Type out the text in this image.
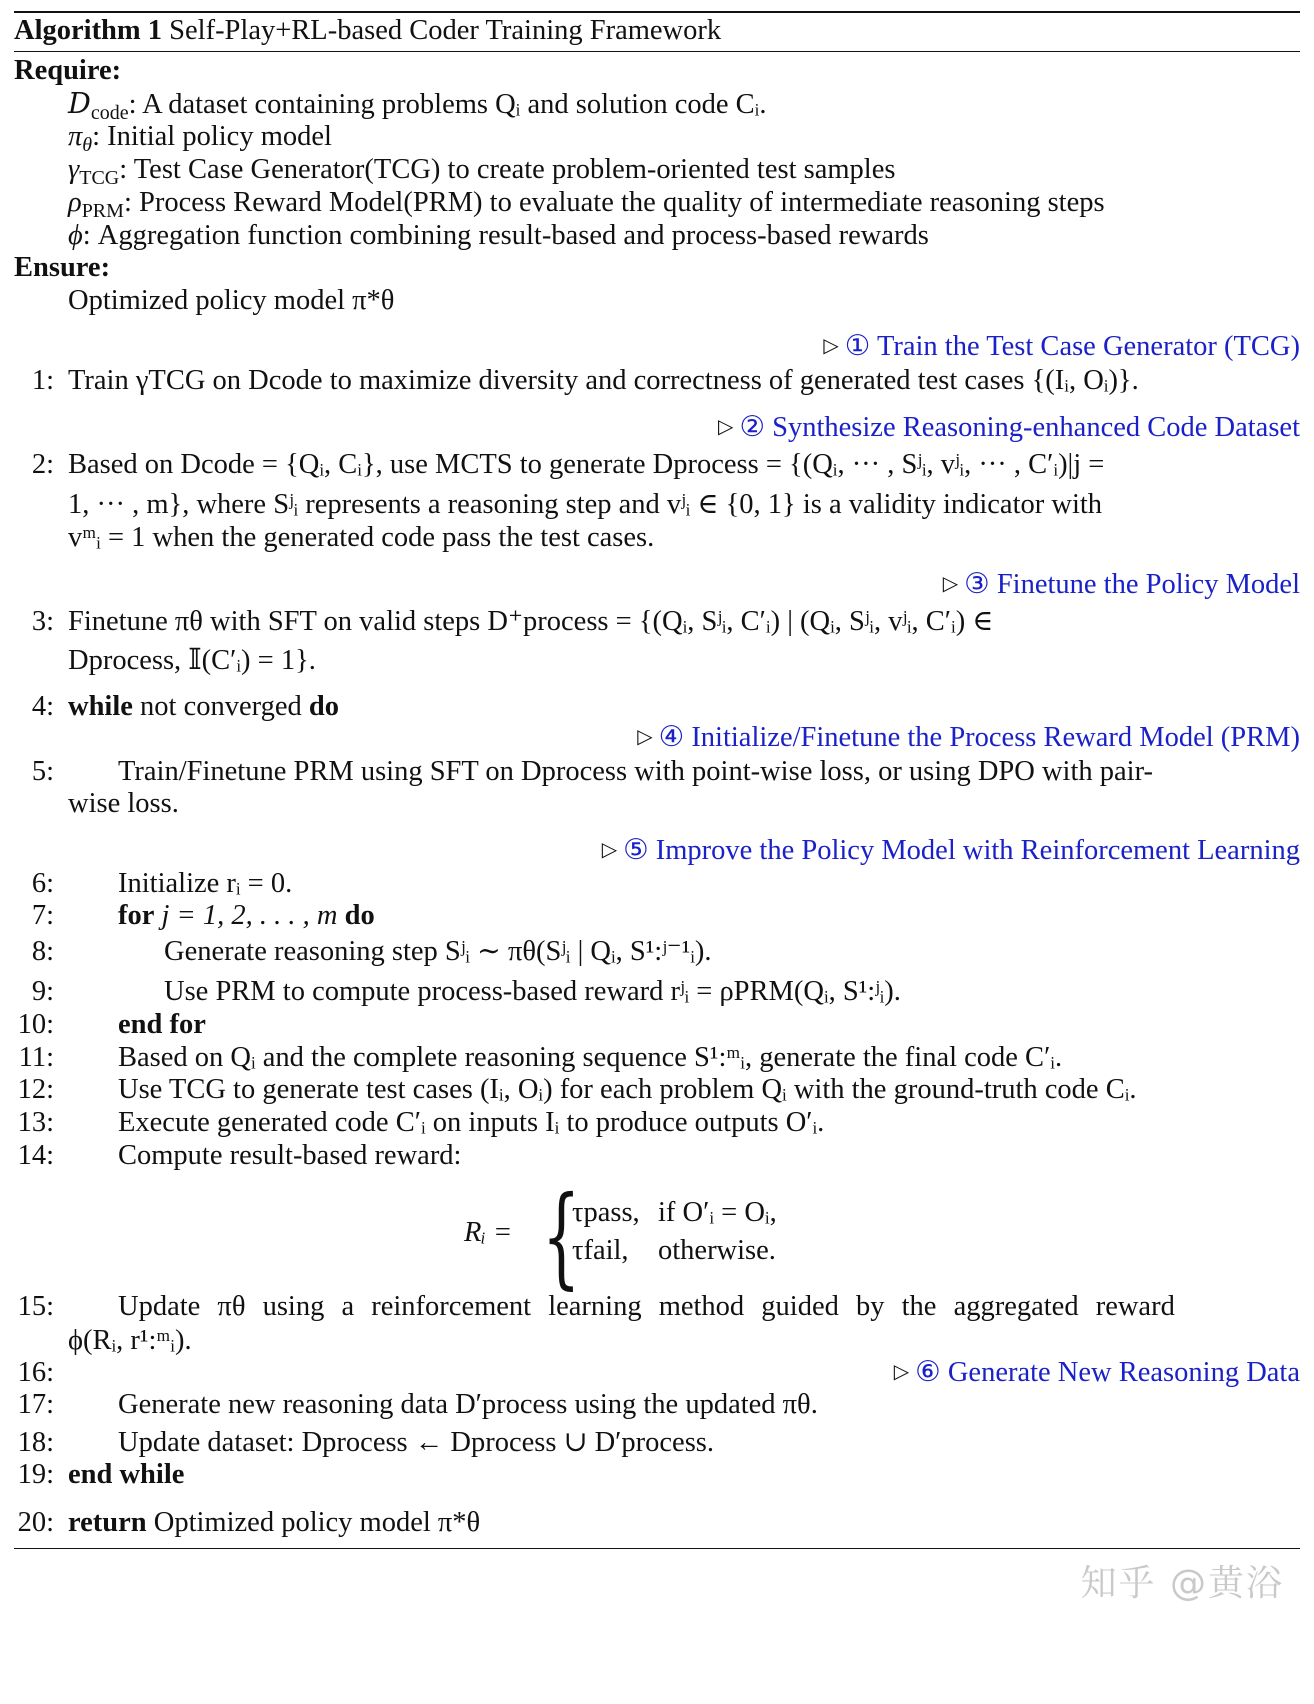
Algorithm 1 Self-Play+RL-based Coder Training Framework
Require:
$D_{code}$: A dataset containing problems Qᵢ and solution code Cᵢ.
$\pi_\theta$: Initial policy model
$\gamma_{TCG}$: Test Case Generator(TCG) to create problem-oriented test samples
$\rho_{PRM}$: Process Reward Model(PRM) to evaluate the quality of intermediate reasoning steps
ϕ: Aggregation function combining result-based and process-based rewards
Ensure:
Optimized policy model π*θ
▷ ① Train the Test Case Generator (TCG)
1: Train γTCG on Dcode to maximize diversity and correctness of generated test cases {(Iᵢ, Oᵢ)}.
▷ ② Synthesize Reasoning-enhanced Code Dataset
2: Based on Dcode = {Qᵢ, Cᵢ}, use MCTS to generate Dprocess = {(Qᵢ, ··· , Sʲᵢ, vʲᵢ, ··· , C′ᵢ)|j =
1, ··· , m}, where Sʲᵢ represents a reasoning step and vʲᵢ ∈ {0, 1} is a validity indicator with
vᵐᵢ = 1 when the generated code pass the test cases.
▷ ③ Finetune the Policy Model
3: Finetune πθ with SFT on valid steps D⁺process = {(Qᵢ, Sʲᵢ, C′ᵢ) | (Qᵢ, Sʲᵢ, vʲᵢ, C′ᵢ) ∈
Dprocess, 𝕀(C′ᵢ) = 1}.
4: while not converged do
▷ ④ Initialize/Finetune the Process Reward Model (PRM)
5: Train/Finetune PRM using SFT on Dprocess with point-wise loss, or using DPO with pair-
wise loss.
▷ ⑤ Improve the Policy Model with Reinforcement Learning
6: Initialize rᵢ = 0.
7: for j = 1, 2, . . . , m do
8:	Generate reasoning step Sʲᵢ ∼ πθ(Sʲᵢ | Qᵢ, S¹:ʲ⁻¹ᵢ).
9:	Use PRM to compute process-based reward rʲᵢ = ρPRM(Qᵢ, S¹:ʲᵢ).
10: end for
11: Based on Qᵢ and the complete reasoning sequence S¹:ᵐᵢ, generate the final code C′ᵢ.
12: Use TCG to generate test cases (Iᵢ, Oᵢ) for each problem Qᵢ with the ground-truth code Cᵢ.
13: Execute generated code C′ᵢ on inputs Iᵢ to produce outputs O′ᵢ.
14: Compute result-based reward:
Rᵢ = {
τpass, if O′ᵢ = Oᵢ,
τfail, otherwise.
15: Update πθ using a reinforcement learning method guided by the aggregated reward
ϕ(Rᵢ, r¹:ᵐᵢ).
16:	▷ ⑥ Generate New Reasoning Data
17: Generate new reasoning data D′process using the updated πθ.
18: Update dataset: Dprocess ← Dprocess ∪ D′process.
19: end while
20: return Optimized policy model π*θ
知乎 @黄浴
